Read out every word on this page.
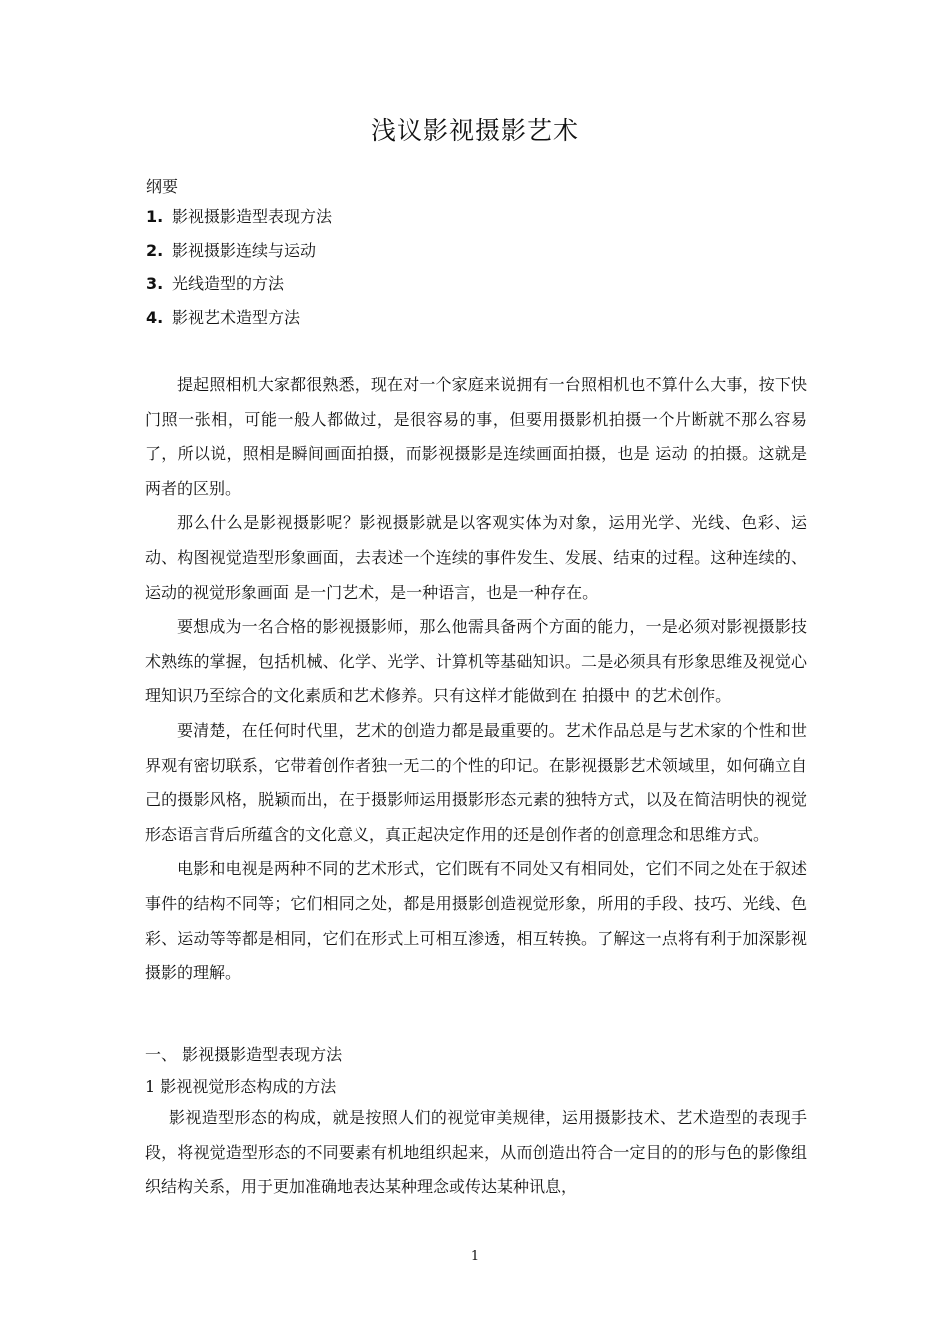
浅议影视摄影艺术
纲要
1. 影视摄影造型表现方法
2. 影视摄影连续与运动
3. 光线造型的方法
4. 影视艺术造型方法

提起照相机大家都很熟悉，现在对一个家庭来说拥有一台照相机也不算什么大事，按下快门照一张相，可能一般人都做过，是很容易的事，但要用摄影机拍摄一个片断就不那么容易了，所以说，照相是瞬间画面拍摄，而影视摄影是连续画面拍摄，也是 运动 的拍摄。这就是两者的区别。

那么什么是影视摄影呢？影视摄影就是以客观实体为对象，运用光学、光线、色彩、运动、构图视觉造型形象画面，去表述一个连续的事件发生、发展、结束的过程。这种连续的、运动的视觉形象画面 是一门艺术，是一种语言，也是一种存在。

要想成为一名合格的影视摄影师，那么他需具备两个方面的能力，一是必须对影视摄影技术熟练的掌握，包括机械、化学、光学、计算机等基础知识。二是必须具有形象思维及视觉心理知识乃至综合的文化素质和艺术修养。只有这样才能做到在 拍摄中 的艺术创作。

要清楚，在任何时代里，艺术的创造力都是最重要的。艺术作品总是与艺术家的个性和世界观有密切联系，它带着创作者独一无二的个性的印记。在影视摄影艺术领域里，如何确立自己的摄影风格，脱颖而出，在于摄影师运用摄影形态元素的独特方式，以及在简洁明快的视觉形态语言背后所蕴含的文化意义，真正起决定作用的还是创作者的创意理念和思维方式。

电影和电视是两种不同的艺术形式，它们既有不同处又有相同处，它们不同之处在于叙述事件的结构不同等；它们相同之处，都是用摄影创造视觉形象，所用的手段、技巧、光线、色彩、运动等等都是相同，它们在形式上可相互渗透，相互转换。了解这一点将有利于加深影视摄影的理解。

一、 影视摄影造型表现方法
1 影视视觉形态构成的方法

影视造型形态的构成，就是按照人们的视觉审美规律，运用摄影技术、艺术造型的表现手段，将视觉造型形态的不同要素有机地组织起来，从而创造出符合一定目的的形与色的影像组织结构关系，用于更加准确地表达某种理念或传达某种讯息，

1
